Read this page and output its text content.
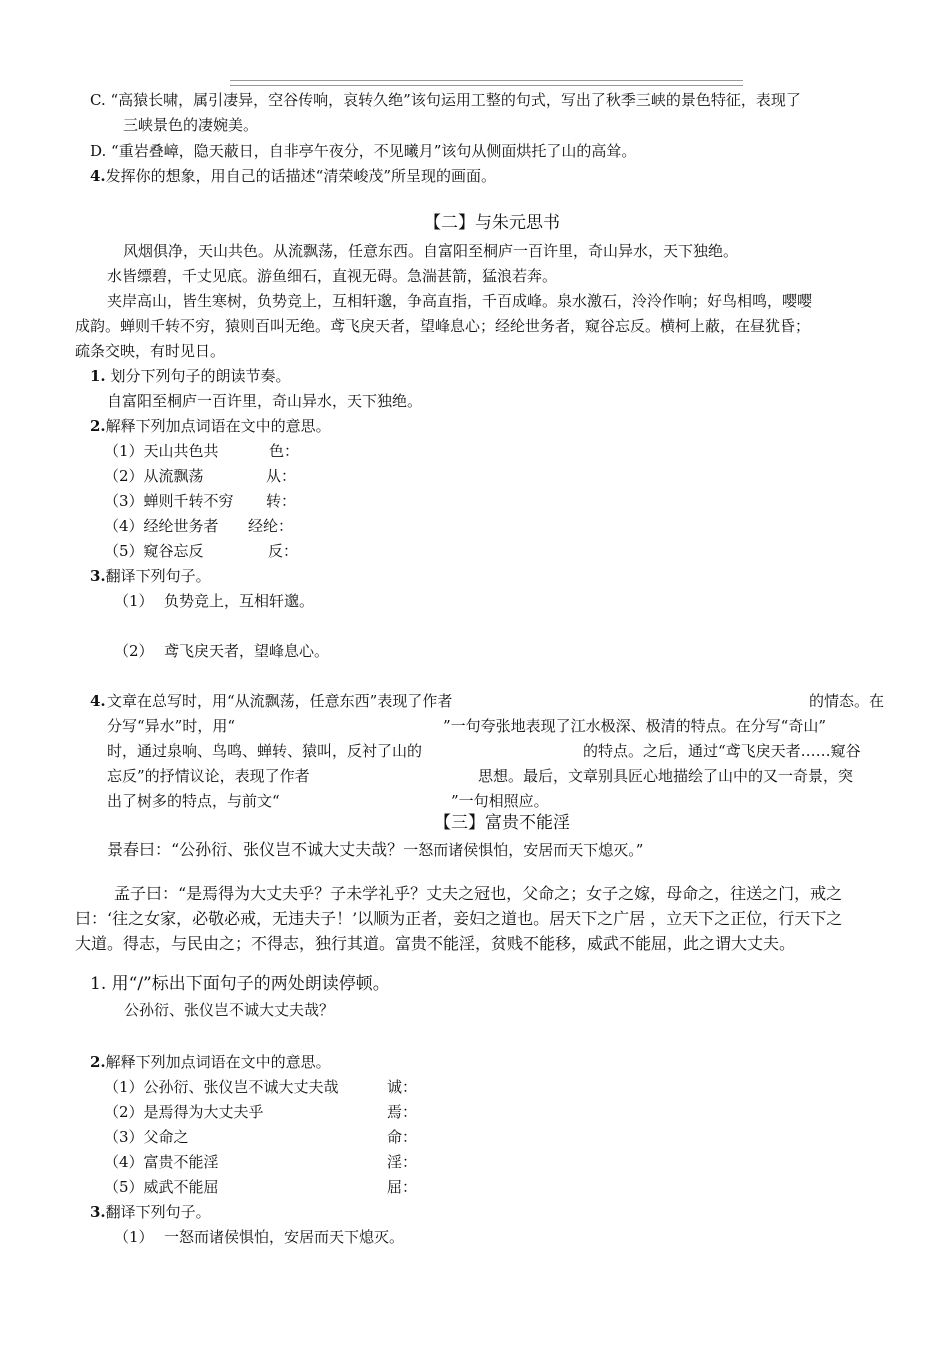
C. “高猿长啸，属引凄异，空谷传响，哀转久绝”该句运用工整的句式，写出了秋季三峡的景色特征，表现了
三峡景色的凄婉美。
D. “重岩叠嶂，隐天蔽日，自非亭午夜分，不见曦月”该句从侧面烘托了山的高耸。
4.发挥你的想象，用自己的话描述“清荣峻茂”所呈现的画面。
【二】与朱元思书
风烟俱净，天山共色。从流飘荡，任意东西。自富阳至桐庐一百许里，奇山异水，天下独绝。
水皆缥碧，千丈见底。游鱼细石，直视无碍。急湍甚箭，猛浪若奔。
夹岸高山，皆生寒树，负势竞上，互相轩邈，争高直指，千百成峰。泉水激石，泠泠作响；好鸟相鸣，嘤嘤
成韵。蝉则千转不穷，猿则百叫无绝。鸢飞戾天者，望峰息心；经纶世务者，窥谷忘反。横柯上蔽，在昼犹昏；
疏条交映，有时见日。
1. 划分下列句子的朗读节奏。
自富阳至桐庐一百许里，奇山异水，天下独绝。
2.解释下列加点词语在文中的意思。
（1）天山共色共	色：
（2）从流飘荡	从：
（3）蝉则千转不穷 转：
（4）经纶世务者 经纶：
（5）窥谷忘反	反：
3.翻译下列句子。
（1） 负势竞上，互相轩邈。
（2） 鸢飞戾天者，望峰息心。
4. 文章在总写时，用“从流飘荡，任意东西”表现了作者	的情态。在
分写“异水”时，用“	”一句夸张地表现了江水极深、极清的特点。在分写“奇山”
时，通过泉响、鸟鸣、蝉转、猿叫，反衬了山的	的特点。之后，通过“鸢飞戾天者……窥谷
忘反”的抒情议论，表现了作者	思想。最后，文章别具匠心地描绘了山中的又一奇景，突
出了树多的特点，与前文“	”一句相照应。
【三】富贵不能淫
景春曰：“公孙衍、张仪岂不诚大丈夫哉？一怒而诸侯惧怕，安居而天下熄灭。”
孟子曰：“是焉得为大丈夫乎？子未学礼乎？丈夫之冠也，父命之；女子之嫁，母命之，往送之门，戒之
曰：‘往之女家，必敬必戒，无违夫子！’以顺为正者，妾妇之道也。居天下之广居 ，立天下之正位，行天下之
大道。得志，与民由之；不得志，独行其道。富贵不能淫，贫贱不能移，威武不能屈，此之谓大丈夫。
1. 用“/”标出下面句子的两处朗读停顿。
公孙衍、张仪岂不诚大丈夫哉？
2.解释下列加点词语在文中的意思。
（1）公孙衍、张仪岂不诚大丈夫哉	诚：
（2）是焉得为大丈夫乎	焉：
（3）父命之	命：
（4）富贵不能淫	淫：
（5）威武不能屈	屈：
3.翻译下列句子。
（1） 一怒而诸侯惧怕，安居而天下熄灭。
